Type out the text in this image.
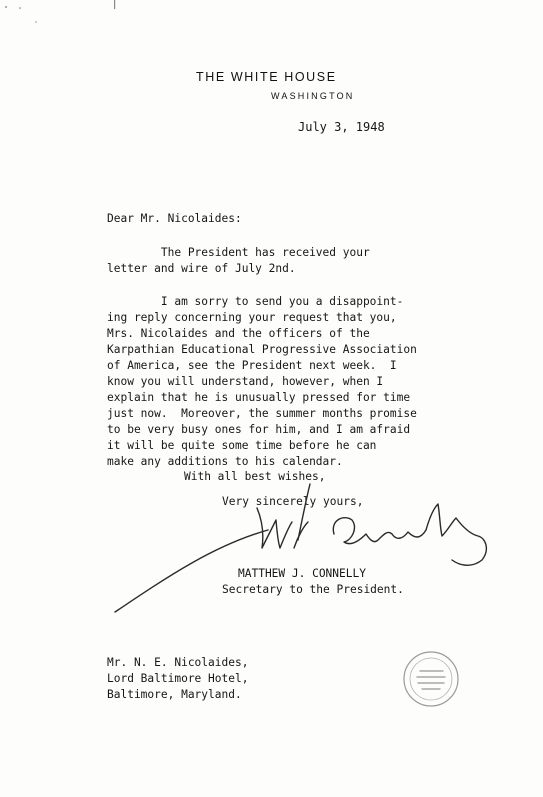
THE WHITE HOUSE
WASHINGTON
July 3, 1948
Dear Mr. Nicolaides:
The President has received your
letter and wire of July 2nd.
I am sorry to send you a disappoint-
ing reply concerning your request that you,
Mrs. Nicolaides and the officers of the
Karpathian Educational Progressive Association
of America, see the President next week.  I
know you will understand, however, when I
explain that he is unusually pressed for time
just now.  Moreover, the summer months promise
to be very busy ones for him, and I am afraid
it will be quite some time before he can
make any additions to his calendar.
With all best wishes,
Very sincerely yours,
MATTHEW J. CONNELLY
Secretary to the President.
Mr. N. E. Nicolaides,
Lord Baltimore Hotel,
Baltimore, Maryland.
